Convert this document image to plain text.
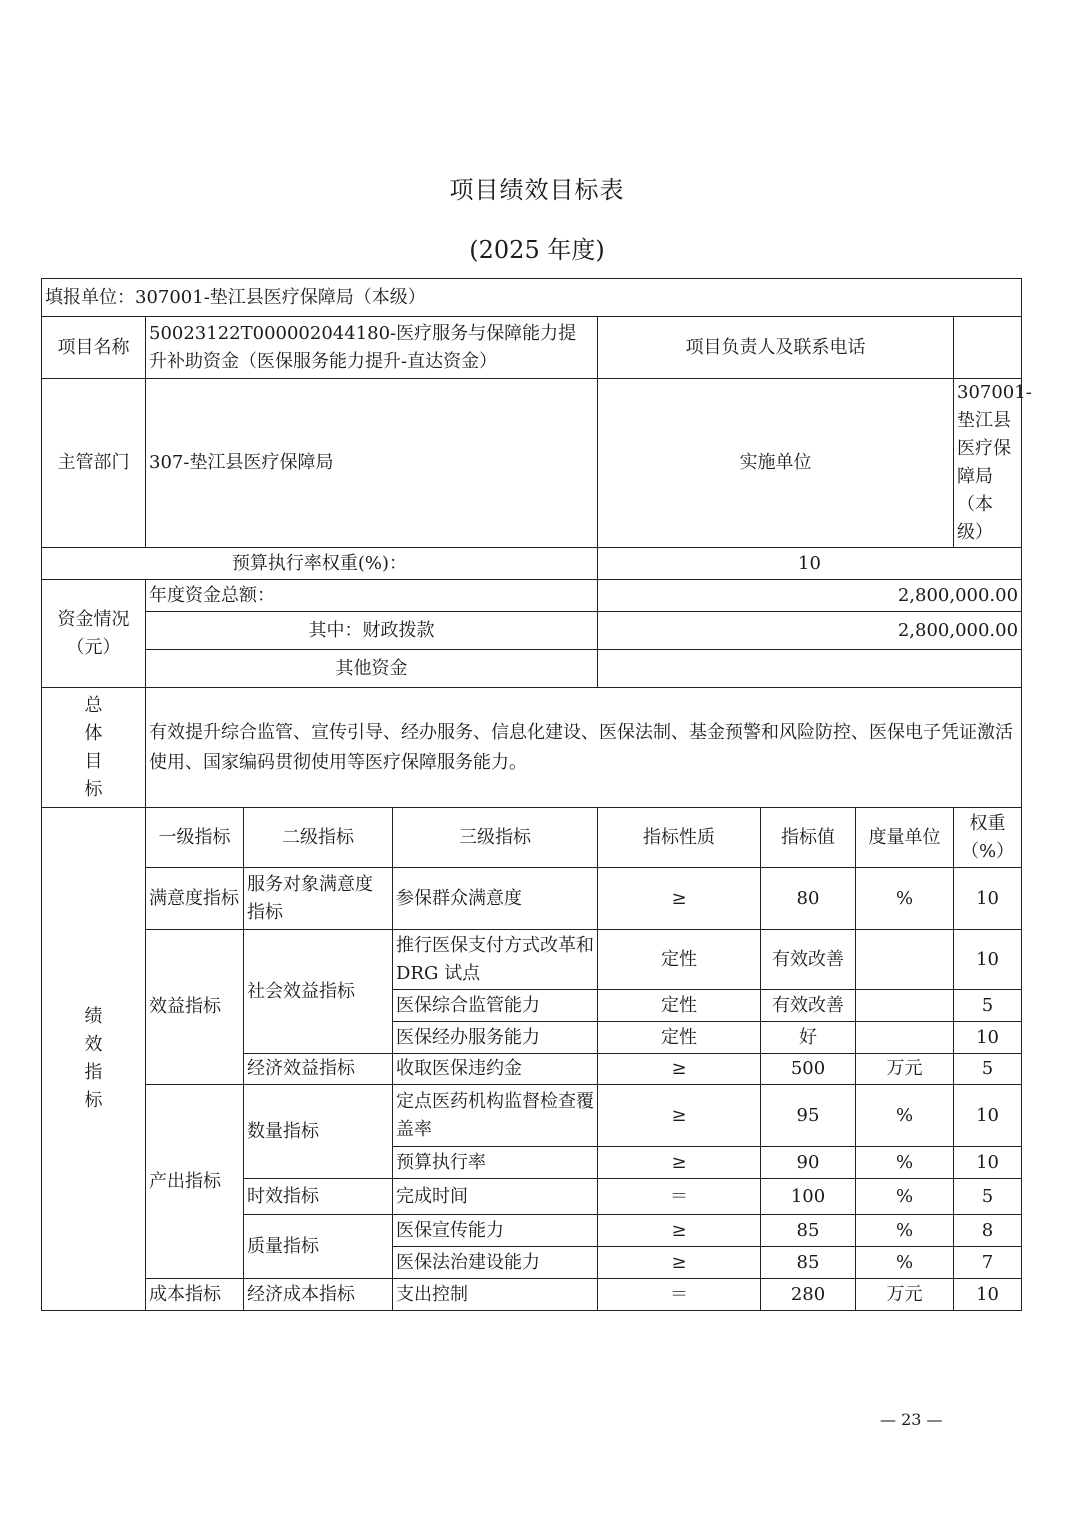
项目绩效目标表
(2025 年度)
填报单位：307001-垫江县医疗保障局（本级）							
项目名称	50023122T000002044180-医疗服务与保障能力提升补助资金（医保服务能力提升-直达资金）			项目负责人及联系电话			
主管部门	307-垫江县医疗保障局			实施单位			307001-垫江县医疗保障局（本级）
预算执行率权重(%)：				10			
资金情况（元）	年度资金总额：			2,800,000.00			
	其中：财政拨款			2,800,000.00			
	其他资金						

总
体
目
标	有效提升综合监管、宣传引导、经办服务、信息化建设、医保法制、基金预警和风险防控、医保电子凭证激活使用、国家编码贯彻使用等医疗保障服务能力。						

绩
效
指
标	一级指标	二级指标	三级指标	指标性质	指标值	度量单位	权重（%）
	满意度指标	服务对象满意度指标	参保群众满意度	≥	80	%	10
	效益指标	社会效益指标	推行医保支付方式改革和 DRG 试点	定性	有效改善		10
			医保综合监管能力	定性	有效改善		5
			医保经办服务能力	定性	好		10
		经济效益指标	收取医保违约金	≥	500	万元	5
	产出指标	数量指标	定点医药机构监督检查覆盖率	≥	95	%	10
			预算执行率	≥	90	%	10
		时效指标	完成时间	＝	100	%	5
		质量指标	医保宣传能力	≥	85	%	8
			医保法治建设能力	≥	85	%	7
	成本指标	经济成本指标	支出控制	＝	280	万元	10
— 23 —
